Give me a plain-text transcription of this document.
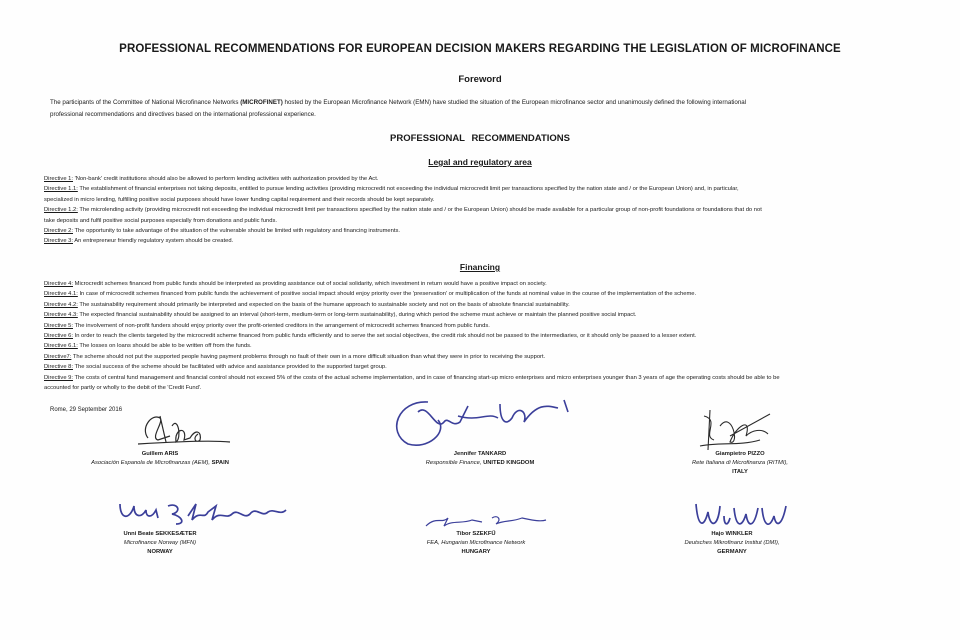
PROFESSIONAL RECOMMENDATIONS FOR EUROPEAN DECISION MAKERS REGARDING THE LEGISLATION OF MICROFINANCE
Foreword
The participants of the Committee of National Microfinance Networks (MICROFINET) hosted by the European Microfinance Network (EMN) have studied the situation of the European microfinance sector and unanimously defined the following international
professional recommendations and directives based on the international professional experience.
PROFESSIONAL RECOMMENDATIONS
Legal and regulatory area
Directive 1: 'Non-bank' credit institutions should also be allowed to perform lending activities with authorization provided by the Act.
Directive 1.1: The establishment of financial enterprises not taking deposits, entitled to pursue lending activities (providing microcredit not exceeding the individual microcredit limit per transactions specified by the nation state and / or the European Union) and, in particular,
specialized in micro lending, fulfilling positive social purposes should have lower funding capital requirement and their records should be kept separately.
Directive 1.2: The microlending activity (providing microcredit not exceeding the individual microcredit limit per transactions specified by the nation state and / or the European Union) should be made available for a particular group of non-profit foundations or foundations that do not
take deposits and fulfil positive social purposes especially from donations and public funds.
Directive 2: The opportunity to take advantage of the situation of the vulnerable should be limited with regulatory and financing instruments.
Directive 3: An entrepreneur friendly regulatory system should be created.
Financing
Directive 4: Microcredit schemes financed from public funds should be interpreted as providing assistance out of social solidarity, which investment in return would have a positive impact on society.
Directive 4.1: In case of microcredit schemes financed from public funds the achievement of positive social impact should enjoy priority over the 'preservation' or multiplication of the funds at nominal value in the course of the implementation of the scheme.
Directive 4.2: The sustainability requirement should primarily be interpreted and expected on the basis of the humane approach to sustainable society and not on the basis of absolute financial sustainability.
Directive 4.3: The expected financial sustainability should be assigned to an interval (short-term, medium-term or long-term sustainability), during which period the scheme must achieve or maintain the planned positive social impact.
Directive 5: The involvement of non-profit funders should enjoy priority over the profit-oriented creditors in the arrangement of microcredit schemes financed from public funds.
Directive 6: In order to reach the clients targeted by the microcredit scheme financed from public funds efficiently and to serve the set social objectives, the credit risk should not be passed to the intermediaries, or it should only be passed to a lesser extent.
Directive 6.1: The losses on loans should be able to be written off from the funds.
Directive7: The scheme should not put the supported people having payment problems through no fault of their own in a more difficult situation than what they were in prior to receiving the support.
Directive 8: The social success of the scheme should be facilitated with advice and assistance provided to the supported target group.
Directive 9: The costs of central fund management and financial control should not exceed 5% of the costs of the actual scheme implementation, and in case of financing start-up micro enterprises and micro enterprises younger than 3 years of age the operating costs should be able to be
accounted for partly or wholly to the debit of the 'Credit Fund'.
Rome, 29 September 2016
Guillem ARIS
Asociación Espanola de Microfinanzas (AEM), SPAIN
Jennifer TANKARD
Responsible Finance, UNITED KINGDOM
Giampietro PIZZO
Rete Italiana di Microfinanza (RITMI),
ITALY
Unni Beate SEKKESÆTER
Microfinance Norway (MFN)
NORWAY
Tibor SZEKFŰ
FEA, Hungarian Microfinance Network
HUNGARY
Hajo WINKLER
Deutsches Mikrofinanz Institut (DMI),
GERMANY
